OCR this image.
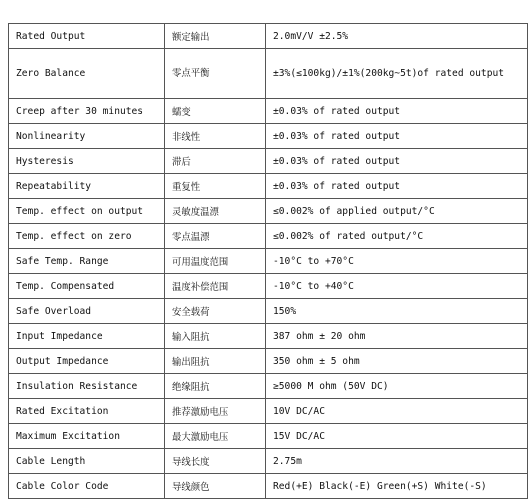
Rated Output	额定输出	2.0mV/V ±2.5%
Zero Balance	零点平衡	±3%(≤100kg)/±1%(200kg~5t)of rated output
Creep after 30 minutes	蠕变	±0.03% of rated output
Nonlinearity	非线性	±0.03% of rated output
Hysteresis	滞后	±0.03% of rated output
Repeatability	重复性	±0.03% of rated output
Temp. effect on output	灵敏度温漂	≤0.002% of applied output/°C
Temp. effect on zero	零点温漂	≤0.002% of rated output/°C
Safe Temp. Range	可用温度范围	-10°C to +70°C
Temp. Compensated	温度补偿范围	-10°C to +40°C
Safe Overload	安全载荷	150%
Input Impedance	输入阻抗	387 ohm ± 20 ohm
Output Impedance	输出阻抗	350 ohm ± 5 ohm
Insulation Resistance	绝缘阻抗	≥5000 M ohm (50V DC)
Rated Excitation	推荐激励电压	10V DC/AC
Maximum Excitation	最大激励电压	15V DC/AC
Cable Length	导线长度	2.75m
Cable Color Code	导线颜色	Red(+E) Black(-E) Green(+S) White(-S)
